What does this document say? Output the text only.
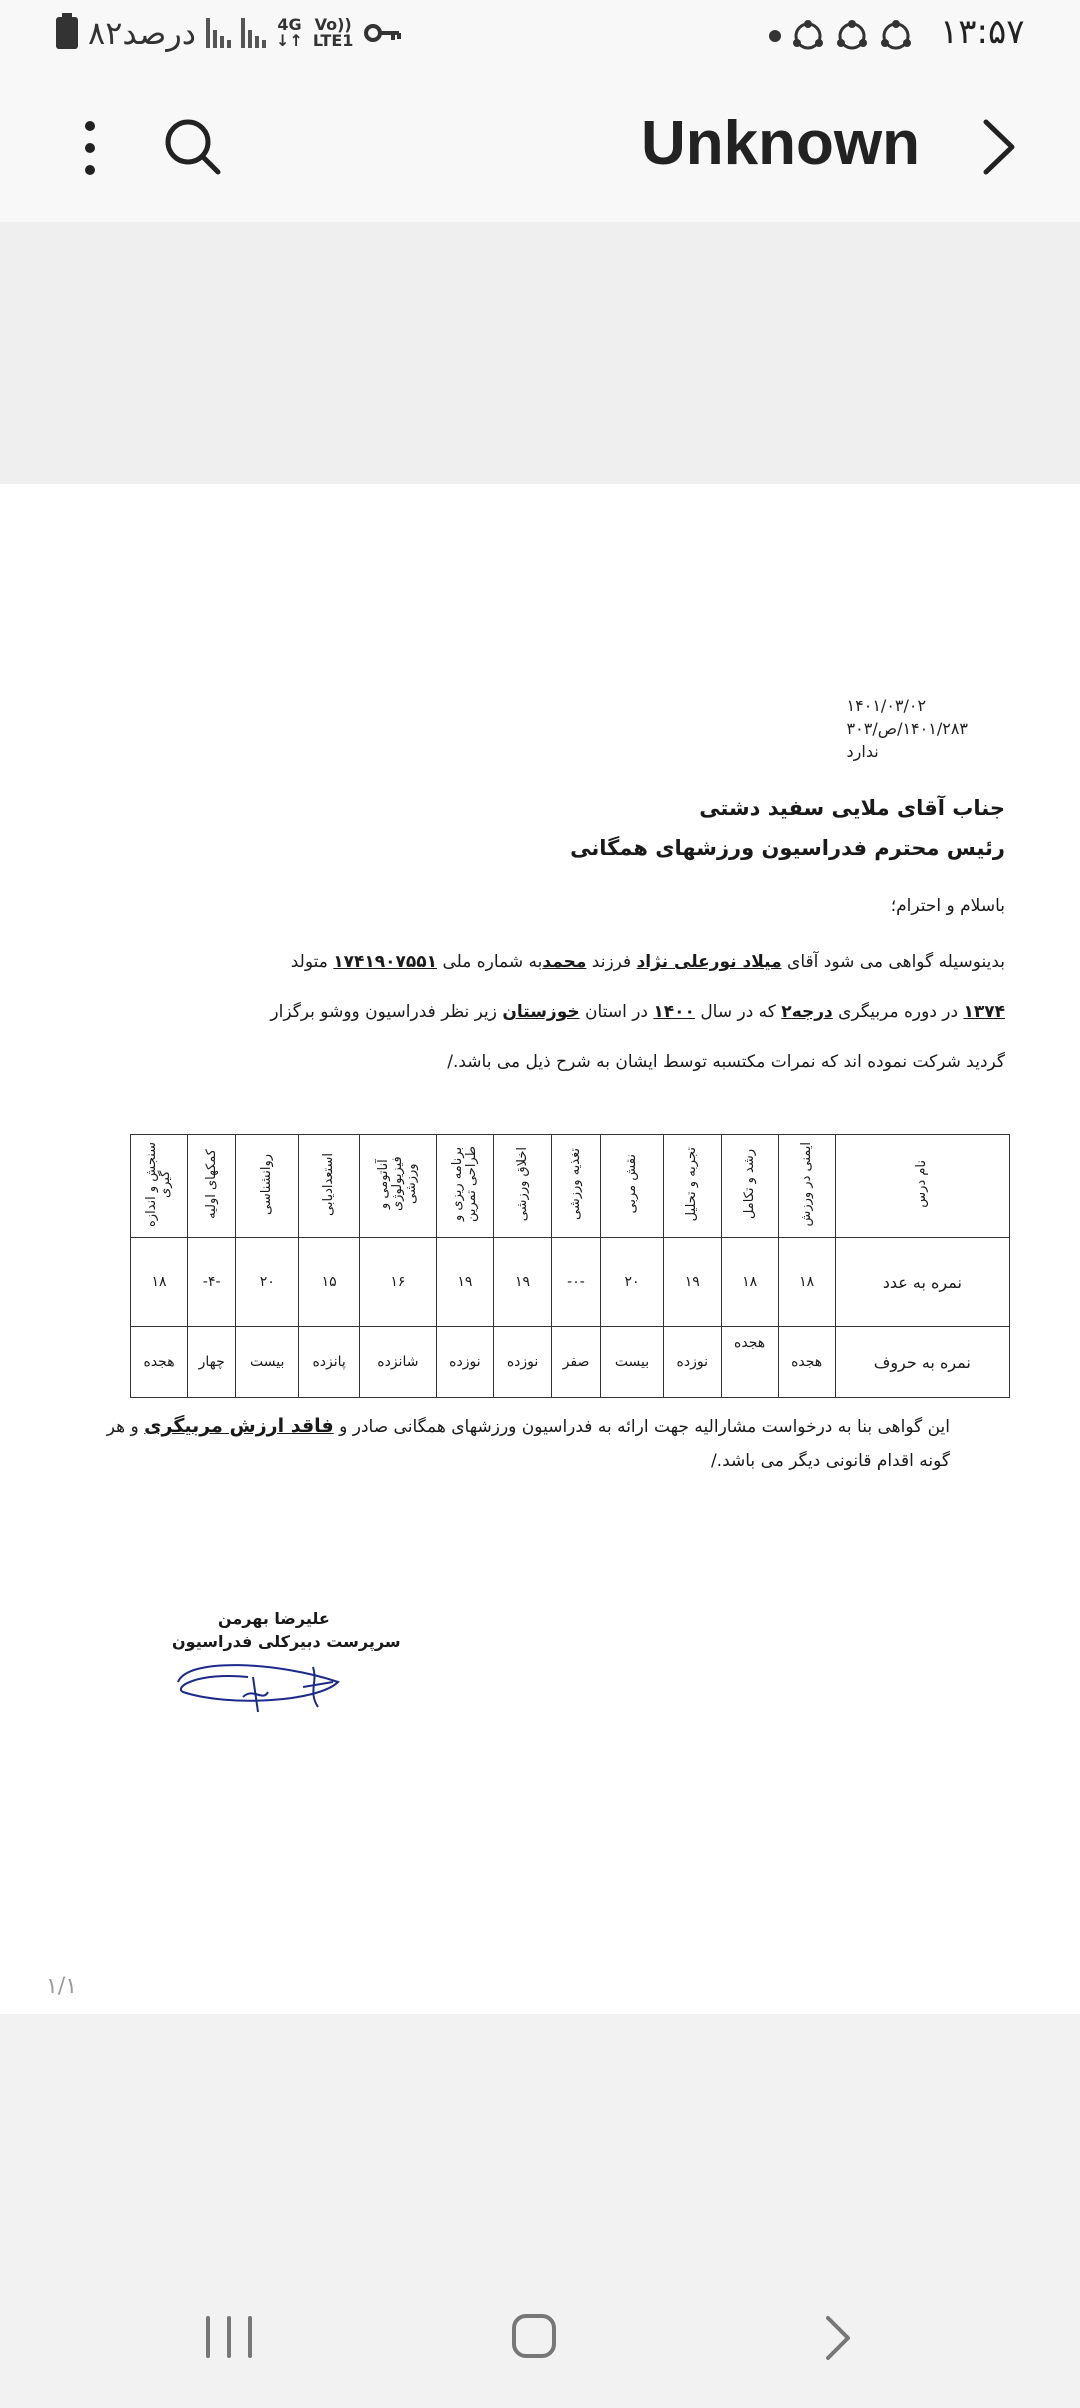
۸۲درصد	4G
↓↑
Vo))
LTE1	۱۳:۵۷
Unknown
۱۴۰۱/۰۳/۰۲
۱۴۰۱/۲۸۳/ص/۳۰۳
ندارد
جناب آقای ملایی سفید دشتی
رئیس محترم فدراسیون ورزشهای همگانی
باسلام و احترام؛
بدینوسیله گواهی می شود آقای میلاد نورعلی نژاد فرزند محمدبه شماره ملی ۱۷۴۱۹۰۷۵۵۱ متولد
۱۳۷۴ در دوره مربیگری درجه۲ که در سال ۱۴۰۰ در استان خوزستان زیر نظر فدراسیون ووشو برگزار
گردید شرکت نموده اند که نمرات مکتسبه توسط ایشان به شرح ذیل می باشد./
نام درس	ایمنی در ورزش	رشد و تکامل	تجربه و تحلیل	نقش مربی	تغذیه ورزشی	اخلاق ورزشی	برنامه ریزی و طراحی تمرین	آناتومی و فیزیولوژی ورزشی	استعدادیابی	روانشناسی	کمکهای اولیه	سنجش و اندازه گیری
نمره به عدد	۱۸	۱۸	۱۹	۲۰	-۰-	۱۹	۱۹	۱۶	۱۵	۲۰	-۴-	۱۸
نمره به حروف	هجده	هجده	نوزده	بیست	صفر	نوزده	نوزده	شانزده	پانزده	بیست	چهار	هجده
این گواهی بنا به درخواست مشارالیه جهت ارائه به فدراسیون ورزشهای همگانی صادر و فاقد ارزش مربیگری و هر گونه اقدام قانونی دیگر می باشد./
علیرضا بهرمن
سرپرست دبیرکلی فدراسیون
۱/۱
